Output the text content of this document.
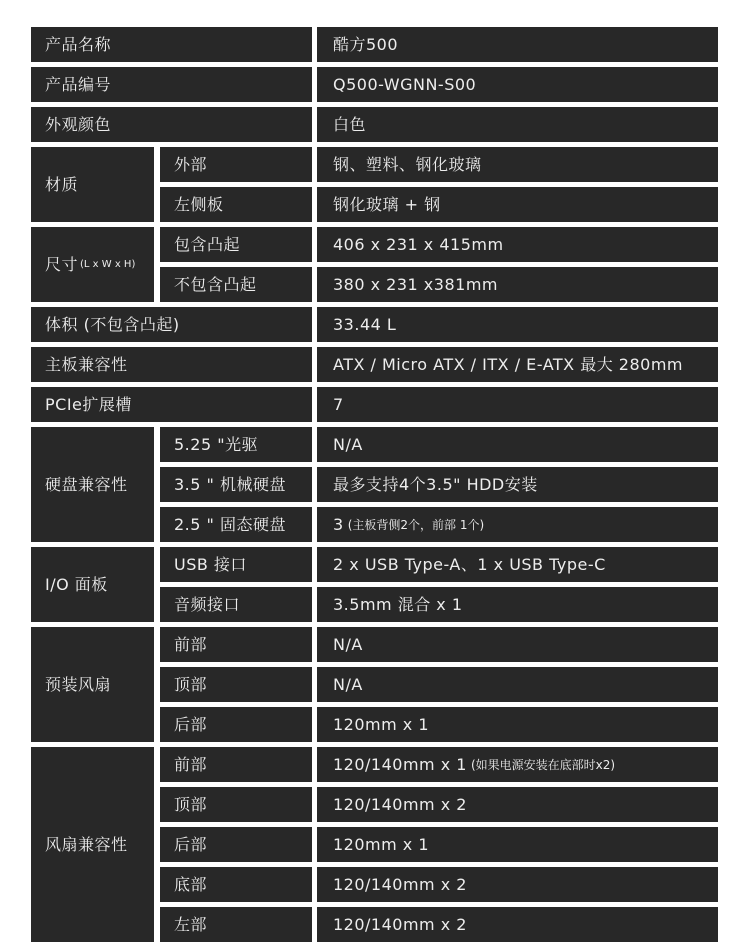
产品名称	酷方500
产品编号	Q500-WGNN-S00
外观颜色	白色
材质
外部	钢、塑料、钢化玻璃
左侧板	钢化玻璃 + 钢
尺寸 (L x W x H)
包含凸起	406 x 231 x 415mm
不包含凸起	380 x 231 x381mm
体积 (不包含凸起)	33.44 L
主板兼容性	ATX / Micro ATX / ITX / E-ATX 最大 280mm
PCIe扩展槽	7
硬盘兼容性
5.25 "光驱	N/A
3.5 " 机械硬盘	最多支持4个3.5" HDD安装
2.5 " 固态硬盘	3 (主板背侧2个，前部 1个)
I/O 面板
USB 接口	2 x USB Type-A、1 x USB Type-C
音频接口	3.5mm 混合 x 1
预装风扇
前部	N/A
顶部	N/A
后部	120mm x 1
风扇兼容性
前部	120/140mm x 1 (如果电源安装在底部时x2)
顶部	120/140mm x 2
后部	120mm x 1
底部	120/140mm x 2
左部	120/140mm x 2
